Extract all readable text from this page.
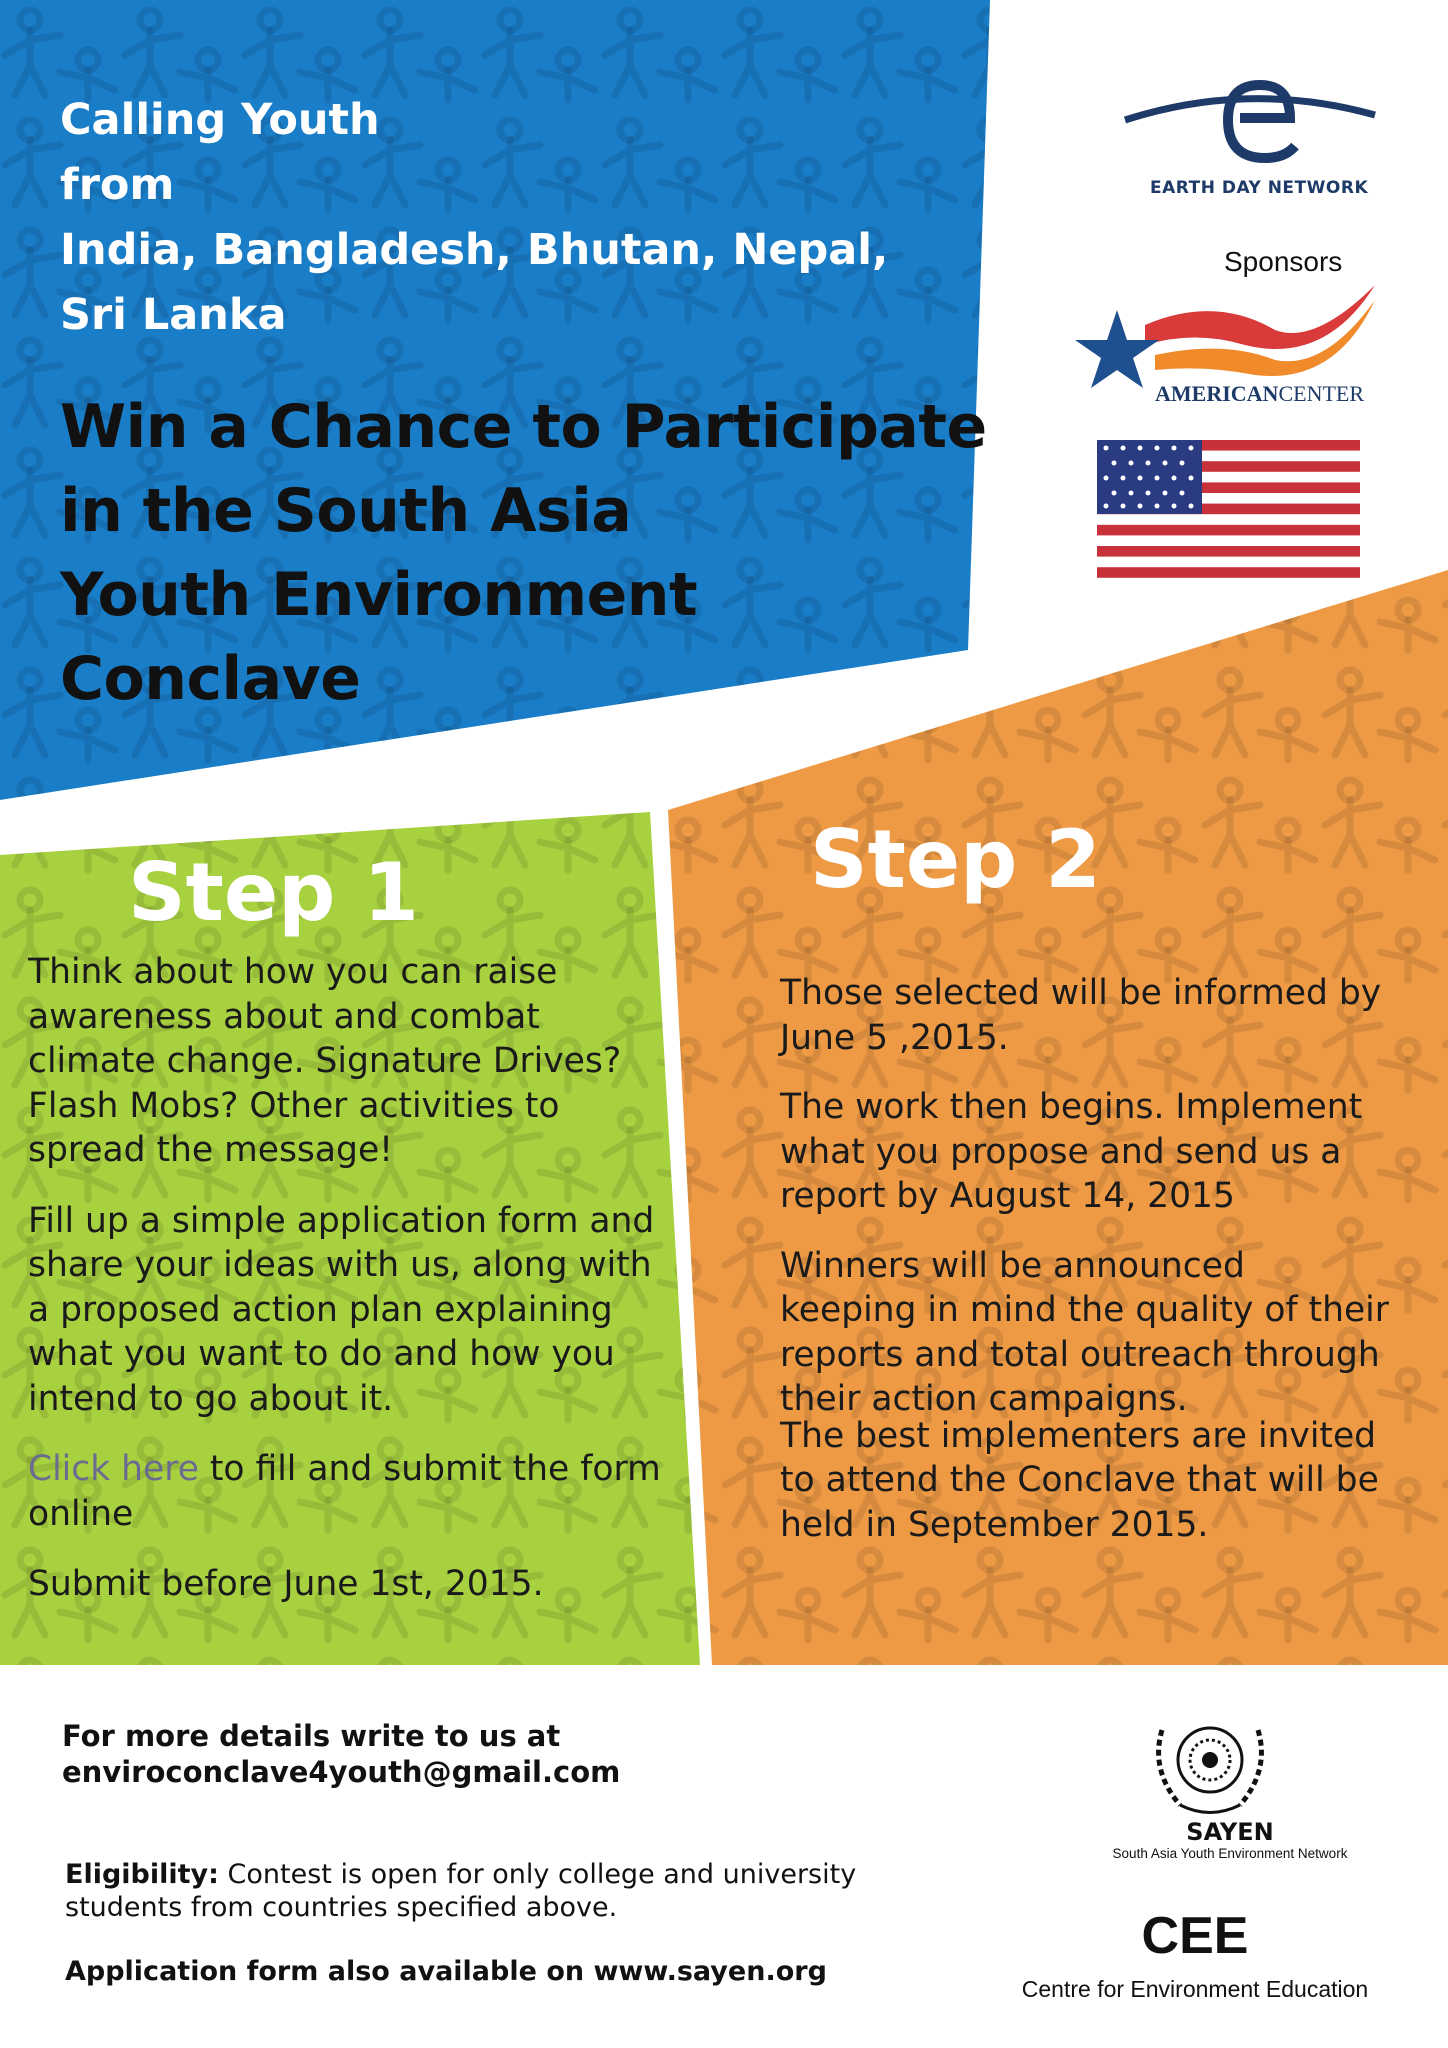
Calling Youth
from
India, Bangladesh, Bhutan, Nepal,
Sri Lanka
Win a Chance to Participate
in the South Asia
Youth Environment
Conclave
EARTH DAY NETWORK
Sponsors
AMERICANCENTER
Step 1

Think about how you can raise awareness about and combat climate change. Signature Drives? Flash Mobs? Other activities to spread the message!

Fill up a simple application form and share your ideas with us, along with a proposed action plan explaining what you want to do and how you intend to go about it.

Click here to fill and submit the form online

Submit before June 1st, 2015.

Step 2

Those selected will be informed by June 5 ,2015.

The work then begins. Implement what you propose and send us a report by August 14, 2015

Winners will be announced keeping in mind the quality of their reports and total outreach through their action campaigns.

The best implementers are invited to attend the Conclave that will be held in September 2015.

For more details write to us at
enviroconclave4youth@gmail.com
Eligibility: Contest is open for only college and university students from countries specified above.
Application form also available on www.sayen.org
SAYEN
South Asia Youth Environment Network
CEE
Centre for Environment Education
